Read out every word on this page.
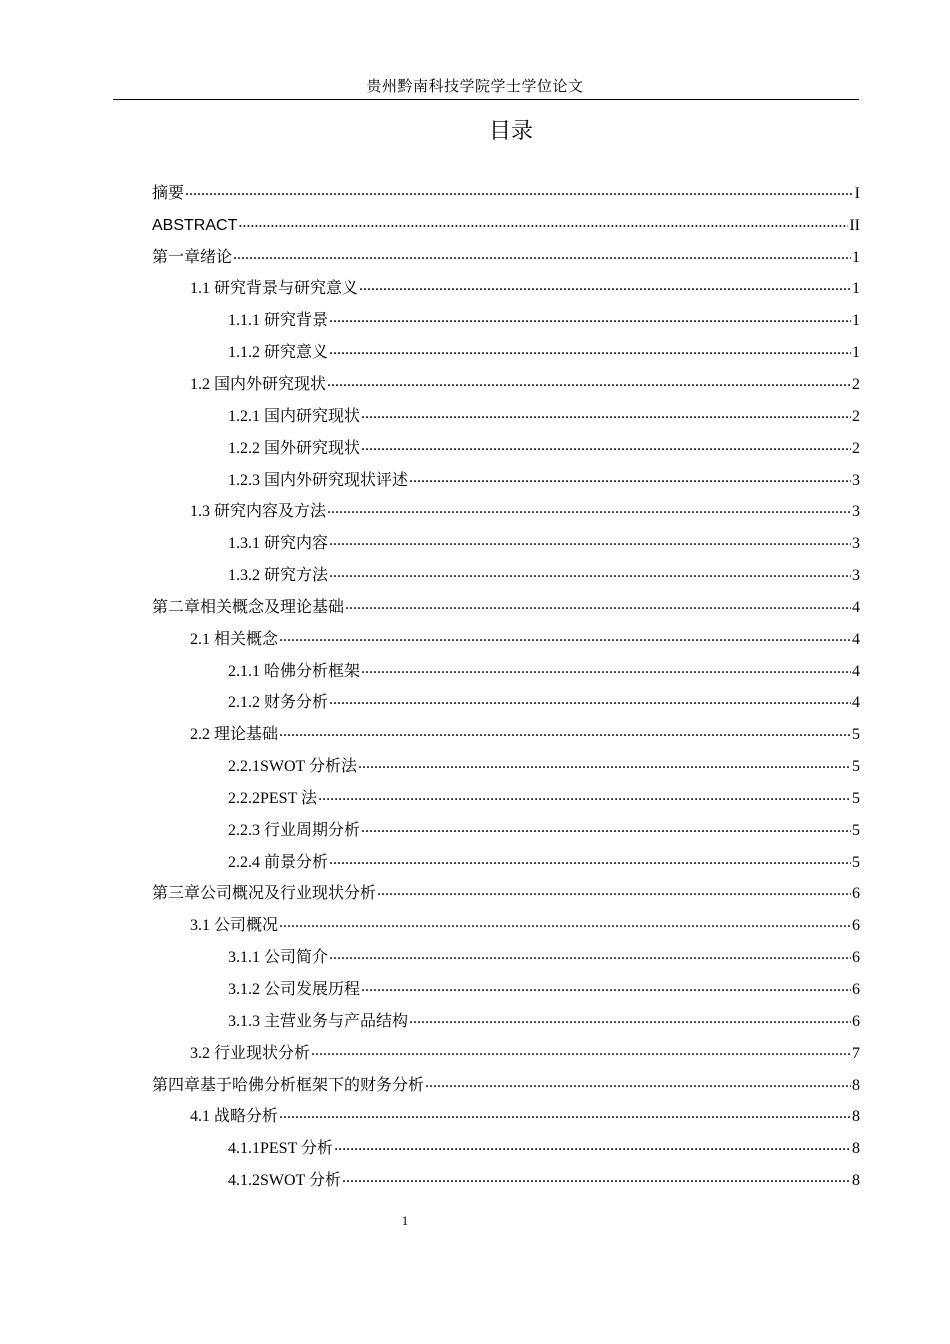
贵州黔南科技学院学士学位论文
目录
摘要 .....	I
ABSTRACT .....	II
第一章绪论 .....	1
1.1 研究背景与研究意义 .....	1
1.1.1 研究背景 .....	1
1.1.2 研究意义 .....	1
1.2 国内外研究现状 .....	2
1.2.1 国内研究现状 .....	2
1.2.2 国外研究现状 .....	2
1.2.3 国内外研究现状评述 .....	3
1.3 研究内容及方法 .....	3
1.3.1 研究内容 .....	3
1.3.2 研究方法 .....	3
第二章相关概念及理论基础 .....	4
2.1 相关概念 .....	4
2.1.1 哈佛分析框架 .....	4
2.1.2 财务分析 .....	4
2.2 理论基础 .....	5
2.2.1SWOT 分析法 .....	5
2.2.2PEST 法 .....	5
2.2.3 行业周期分析 .....	5
2.2.4 前景分析 .....	5
第三章公司概况及行业现状分析 .....	6
3.1 公司概况 .....	6
3.1.1 公司简介 .....	6
3.1.2 公司发展历程 .....	6
3.1.3 主营业务与产品结构 .....	6
3.2 行业现状分析 .....	7
第四章基于哈佛分析框架下的财务分析 .....	8
4.1 战略分析 .....	8
4.1.1PEST 分析 .....	8
4.1.2SWOT 分析 .....	8
1
